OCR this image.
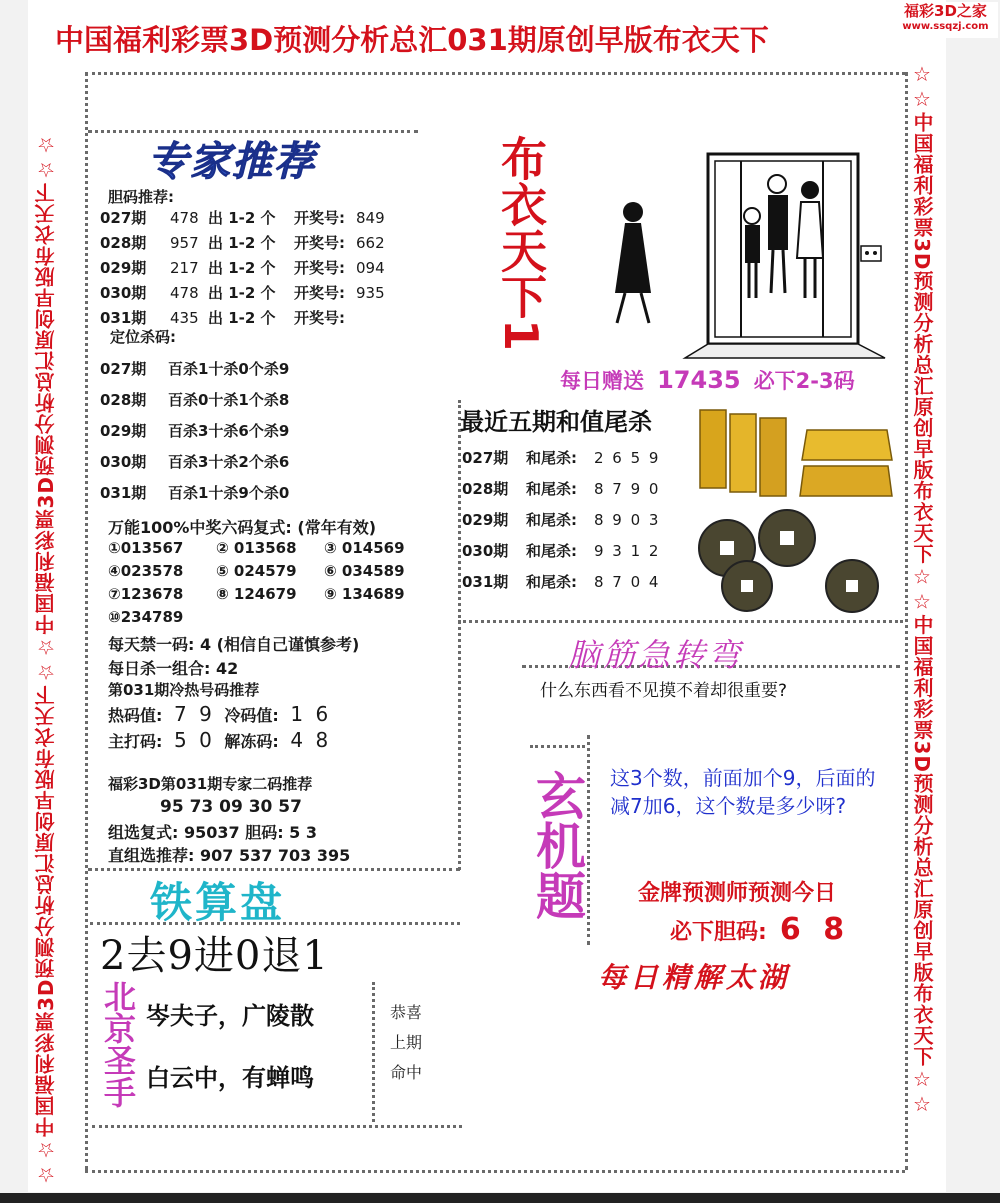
中国福利彩票3D预测分析总汇031期原创早版布衣天下
福彩3D之家
www.ssqzj.com
☆☆中国福利彩票3D预测分析总汇原创早版布衣天下☆☆中国福利彩票3D预测分析总汇原创早版布衣天下☆☆	☆☆中国福利彩票3D预测分析总汇原创早版布衣天下☆☆中国福利彩票3D预测分析总汇原创早版布衣天下☆☆
专家推荐
胆码推荐:
027期 478 出 1-2 个 开奖号: 849
028期 957 出 1-2 个 开奖号: 662
029期 217 出 1-2 个 开奖号: 094
030期 478 出 1-2 个 开奖号: 935
031期 435 出 1-2 个 开奖号:
定位杀码:
027期 百杀1十杀0个杀9
028期 百杀0十杀1个杀8
029期 百杀3十杀6个杀9
030期 百杀3十杀2个杀6
031期 百杀1十杀9个杀0
万能100%中奖六码复式: (常年有效)
①013567 ② 013568 ③ 014569
④023578 ⑤ 024579 ⑥ 034589
⑦123678 ⑧ 124679 ⑨ 134689
⑩234789
每天禁一码: 4 (相信自己谨慎参考)
每日杀一组合: 42
第031期冷热号码推荐
热码值: 7 9 冷码值: 1 6
主打码: 5 0 解冻码: 4 8
福彩3D第031期专家二码推荐
95 73 09 30 57
组选复式: 95037 胆码: 5 3
直组选推荐: 907 537 703 395
铁算盘
2去9进0退1
北京圣手 岑夫子，广陵散
白云中，有蝉鸣
恭喜
上期
命中
布衣天下1
每日赠送 17435 必下2-3码
最近五期和值尾杀
027期 和尾杀: 2 6 5 9
028期 和尾杀: 8 7 9 0
029期 和尾杀: 8 9 0 3
030期 和尾杀: 9 3 1 2
031期 和尾杀: 8 7 0 4
脑筋急转弯
什么东西看不见摸不着却很重要?
玄机题 这3个数，前面加个9，后面的减7加6，这个数是多少呀?
金牌预测师预测今日
必下胆码: 6 8
每日精解太湖
